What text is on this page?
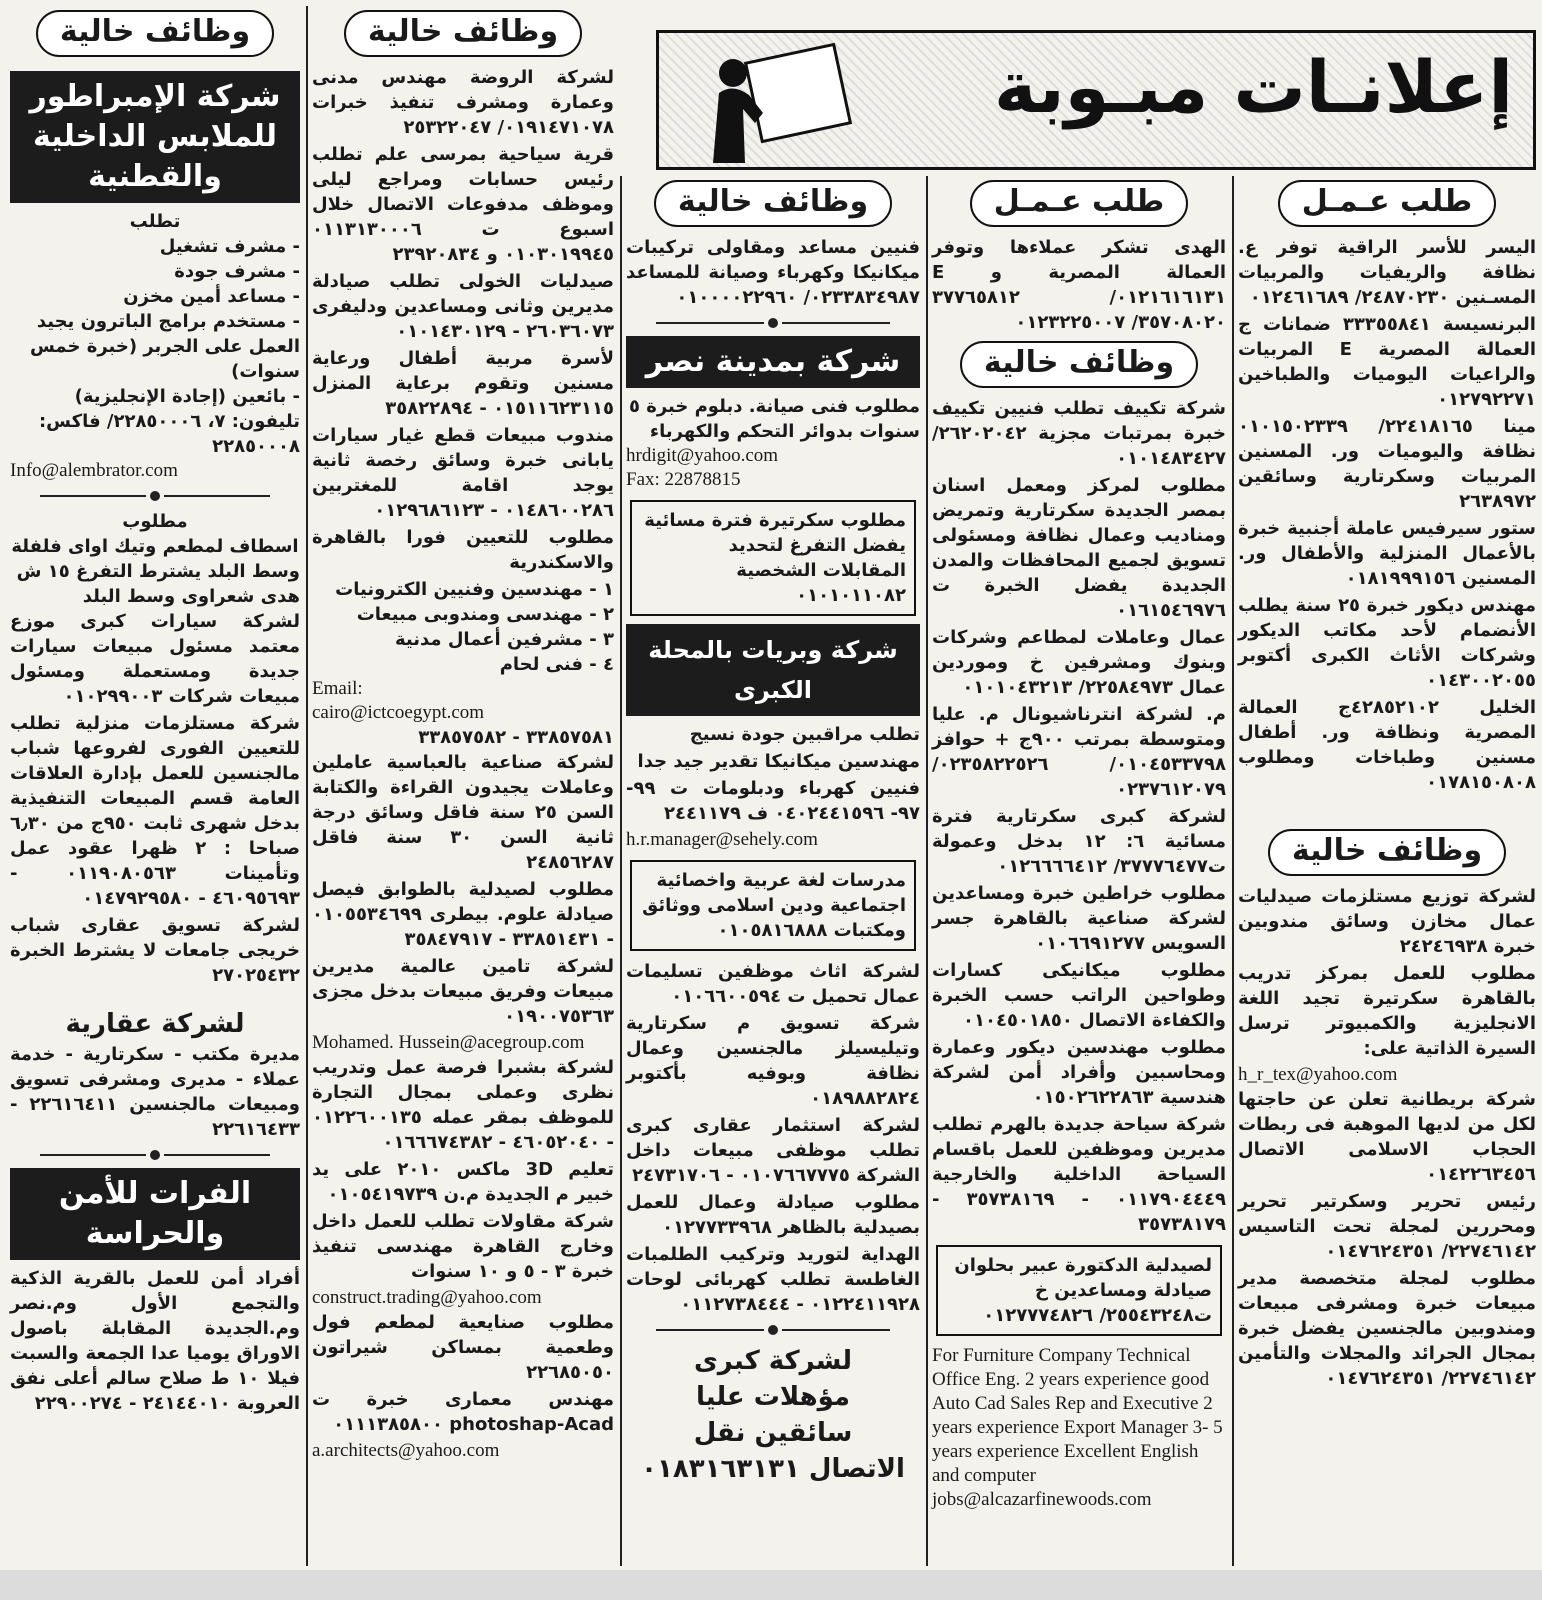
إعلانـات مبـوبة
طلب عـمـل

اليسر للأسر الراقية توفر ع. نظافة والريفيات والمربيات المسـنين ٢٤٨٧٠٢٣٠/ ٠١٢٤٦١٦٨٩

البرنسيسة ٣٣٣٥٥٨٤١ ضمانات ج العمالة المصرية E المربيات والراعيات اليوميات والطباخين ٠١٢٧٩٢٢٧١

مينا ٢٢٤١٨١٦٥/ ٠١٠١٥٠٢٣٣٩ نظافة واليوميات ور. المسنين المربيات وسكرتارية وسائقين ٢٦٣٨٩٧٢

ستور سيرفيس عاملة أجنبية خبرة بالأعمال المنزلية والأطفال ور. المسنين ٠١٨١٩٩٩١٥٦

مهندس ديكور خبرة ٢٥ سنة يطلب الأنضمام لأحد مكاتب الديكور وشركات الأثاث الكبرى أكتوبر ٠١٤٣٠٠٢٠٥٥

الخليل ٤٢٨٥٢١٠٢ج العمالة المصرية ونظافة ور. أطفال مسنين وطباخات ومطلوب ٠١٧٨١٥٠٨٠٨

وظائف خالية

لشركة توزيع مستلزمات صيدليات عمال مخازن وسائق مندوبين خبرة ٢٤٢٤٦٩٣٨

مطلوب للعمل بمركز تدريب بالقاهرة سكرتيرة تجيد اللغة الانجليزية والكمبيوتر ترسل السيرة الذاتية على:

h_r_tex@yahoo.com

شركة بريطانية تعلن عن حاجتها لكل من لديها الموهبة فى ربطات الحجاب الاسلامى الاتصال ٠١٤٢٢٦٣٤٥٦

رئيس تحرير وسكرتير تحرير ومحررين لمجلة تحت التاسيس ٢٢٧٤٦١٤٢/ ٠١٤٧٦٢٤٣٥١

مطلوب لمجلة متخصصة مدير مبيعات خبرة ومشرفى مبيعات ومندوبين مالجنسين يفضل خبرة بمجال الجرائد والمجلات والتأمين ٢٢٧٤٦١٤٢/ ٠١٤٧٦٢٤٣٥١

طلب عـمـل

الهدى تشكر عملاءها وتوفر العمالة المصرية و E ٠١٢١٦١٦١٣١/ ٣٧٧٦٥٨١٢ ٣٥٧٠٨٠٢٠/ ٠١٢٣٢٢٥٠٠٧

وظائف خالية

شركة تكييف تطلب فنيين تكييف خبرة بمرتبات مجزية ٢٦٢٠٢٠٤٢/ ٠١٠١٤٨٣٤٢٧

مطلوب لمركز ومعمل اسنان بمصر الجديدة سكرتارية وتمريض ومناديب وعمال نظافة ومسئولى تسويق لجميع المحافظات والمدن الجديدة يفضل الخبرة ت ٠١٦١٥٤٦٩٧٦

عمال وعاملات لمطاعم وشركات وبنوك ومشرفين خ وموردين عمال ٢٢٥٨٤٩٧٣/ ٠١٠١٠٤٣٢١٣

م. لشركة انترناشيونال م. عليا ومتوسطة بمرتب ٩٠٠ج + حوافز ٠١٠٤٥٣٣٧٩٨/ ٠٢٣٥٨٢٢٥٢٦/ ٠٢٣٧٦١٢٠٧٩

لشركة كبرى سكرتارية فترة مسائية ٦: ١٢ بدخل وعمولة ت٣٧٧٧٦٤٧٧/ ٠١٢٦٦٦٦٤١٢

مطلوب خراطين خبرة ومساعدين لشركة صناعية بالقاهرة جسر السويس ٠١٠٦٦٩١٢٧٧

مطلوب ميكانيكى كسارات وطواحين الراتب حسب الخبرة والكفاءة الاتصال ٠١٠٤٥٠١٨٥٠

مطلوب مهندسين ديكور وعمارة ومحاسبين وأفراد أمن لشركة هندسية ٠١٥٠٢٦٢٢٨٦٣

شركة سياحة جديدة بالهرم تطلب مديرين وموظفين للعمل باقسام السياحة الداخلية والخارجية ٠١١٧٩٠٤٤٤٩ - ٣٥٧٣٨١٦٩ - ٣٥٧٣٨١٧٩

لصيدلية الدكتورة عبير بحلوان صيادلة ومساعدين خ ت٢٥٥٤٣٢٤٨/ ٠١٢٧٧٧٤٨٢٦

For Furniture Company Technical Office Eng. 2 years experience good Auto Cad Sales Rep and Executive 2 years experience Export Manager 3- 5 years experience Excellent English and computer

jobs@alcazarfinewoods.com

وظائف خالية

فنيين مساعد ومقاولى تركيبات ميكانيكا وكهرباء وصيانة للمساعد ٠٢٣٣٨٣٤٩٨٧/ ٠١٠٠٠٠٢٢٩٦٠

شركة بمدينة نصر

مطلوب فنى صيانة. دبلوم خبرة ٥ سنوات بدوائر التحكم والكهرباء

hrdigit@yahoo.com

Fax: 22878815

مطلوب سكرتيرة فترة مسائية يفضل التفرغ لتحديد المقابلات الشخصية ٠١٠١٠١١٠٨٢
شركة وبريات بالمحلة الكبرى

تطلب مراقبين جودة نسيج

مهندسين ميكانيكا تقدير جيد جدا

فنيين كهرباء ودبلومات ت ٩٩- ٩٧- ٠٤٠٢٤٤١٥٩٦ ف ٢٤٤١١٧٩

h.r.manager@sehely.com

مدرسات لغة عربية واخصائية اجتماعية ودين اسلامى ووثائق ومكتبات ٠١٠٥٨١٦٨٨٨

لشركة اثاث موظفين تسليمات عمال تحميل ت ٠١٠٦٦٠٠٥٩٤

شركة تسويق م سكرتارية وتيليسيلز مالجنسين وعمال نظافة وبوفيه بأكتوبر ٠١٨٩٨٨٢٨٢٤

لشركة استثمار عقارى كبرى تطلب موظفى مبيعات داخل الشركة ٠١٠٧٦٦٧٧٧٥ - ٢٤٧٣١٧٠٦

مطلوب صيادلة وعمال للعمل بصيدلية بالظاهر ٠١٢٧٧٣٣٩٦٨

الهداية لتوريد وتركيب الطلمبات الغاطسة تطلب كهربائى لوحات ٠١٢٢٤١١٩٢٨ - ٠١١٢٧٣٨٤٤٤

لشركة كبرى

مؤهلات عليا

سائقين نقل

الاتصال ٠١٨٣١٦٣١٣١

وظائف خالية

لشركة الروضة مهندس مدنى وعمارة ومشرف تنفيذ خبرات ٠١٩١٤٧١٠٧٨/ ٢٥٣٢٢٠٤٧

قرية سياحية بمرسى علم تطلب رئيس حسابات ومراجع ليلى وموظف مدفوعات الاتصال خلال اسبوع ت ٠١١٣١٣٠٠٠٦ ٠١٠٣٠١٩٩٤٥ و ٢٣٩٢٠٨٣٤

صيدليات الخولى تطلب صيادلة مديرين وثانى ومساعدين ودليفرى ٢٦٠٣٦٠٧٣ - ٠١٠١٤٣٠١٢٩

لأسرة مربية أطفال ورعاية مسنين وتقوم برعاية المنزل ٠١٥١١٦٢٣١١٥ - ٣٥٨٢٢٨٩٤

مندوب مبيعات قطع غيار سيارات يابانى خبرة وسائق رخصة ثانية يوجد اقامة للمغتربين ٠١٤٨٦٠٠٢٨٦ - ٠١٢٩٦٨٦١٢٣

مطلوب للتعيين فورا بالقاهرة والاسكندرية

١ - مهندسين وفنيين الكترونيات

٢ - مهندسى ومندوبى مبيعات

٣ - مشرفين أعمال مدنية

٤ - فنى لحام

Email:

cairo@ictcoegypt.com

٣٣٨٥٧٥٨١ - ٣٣٨٥٧٥٨٢

لشركة صناعية بالعباسية عاملين وعاملات يجيدون القراءة والكتابة السن ٢٥ سنة فاقل وسائق درجة ثانية السن ٣٠ سنة فاقل ٢٤٨٥٦٢٨٧

مطلوب لصيدلية بالطوابق فيصل صيادلة علوم. بيطرى ٠١٠٥٥٣٤٦٩٩ - ٣٣٨٥١٤٣١ - ٣٥٨٤٧٩١٧

لشركة تامين عالمية مديرين مبيعات وفريق مبيعات بدخل مجزى ٠١٩٠٠٧٥٣٦٣

Mohamed. Hussein@acegroup.com

لشركة بشبرا فرصة عمل وتدريب نظرى وعملى بمجال التجارة للموظف بمقر عمله ٠١٢٢٦٠٠١٣٥ - ٤٦٠٥٢٠٤٠ - ٠١٦٦٦٧٤٣٨٢

تعليم 3D ماكس ٢٠١٠ على يد خبير م الجديدة م.ن ٠١٠٥٤١٩٧٣٩

شركة مقاولات تطلب للعمل داخل وخارج القاهرة مهندسى تنفيذ خبرة ٣ - ٥ و ١٠ سنوات

construct.trading@yahoo.com

مطلوب صنايعية لمطعم فول وطعمية بمساكن شيراتون ٢٢٦٨٥٠٥٠

مهندس معمارى خبرة ت photoshap-Acad ٠١١١٣٨٥٨٠٠

a.architects@yahoo.com

وظائف خالية
شركة الإمبراطور للملابس الداخلية والقطنية

تطلب

- مشرف تشغيل

- مشرف جودة

- مساعد أمين مخزن

- مستخدم برامج الباترون يجيد العمل على الجربر (خبرة خمس سنوات)

- بائعين (إجادة الإنجليزية)

تليفون: ٧، ٢٢٨٥٠٠٠٦/ فاكس: ٢٢٨٥٠٠٠٨

Info@alembrator.com

مطلوب

اسطاف لمطعم وتيك اواى فلفلة

وسط البلد يشترط التفرغ ١٥ ش هدى شعراوى وسط البلد

لشركة سيارات كبرى موزع معتمد مسئول مبيعات سيارات جديدة ومستعملة ومسئول مبيعات شركات ٠١٠٢٩٩٠٠٣

شركة مستلزمات منزلية تطلب للتعيين الفورى لفروعها شباب مالجنسين للعمل بإدارة العلاقات العامة قسم المبيعات التنفيذية بدخل شهرى ثابت ٩٥٠ج من ٦٫٣٠ صباحا : ٢ ظهرا عقود عمل وتأمينات ٠١١٩٠٨٠٥٦٣ - ٤٦٠٩٥٦٩٣ - ٠١٤٧٩٢٩٥٨٠

لشركة تسويق عقارى شباب خريجى جامعات لا يشترط الخبرة ٢٧٠٢٥٤٣٢

لشركة عقارية

مديرة مكتب - سكرتارية - خدمة عملاء - مديرى ومشرفى تسويق ومبيعات مالجنسين ٢٢٦١٦٤١١ - ٢٢٦١٦٤٣٣

الفرات للأمن والحراسة

أفراد أمن للعمل بالقرية الذكية والتجمع الأول وم.نصر وم.الجديدة المقابلة باصول الاوراق يوميا عدا الجمعة والسبت فيلا ١٠ ط صلاح سالم أعلى نفق العروبة ٢٤١٤٤٠١٠ - ٢٢٩٠٠٢٧٤
